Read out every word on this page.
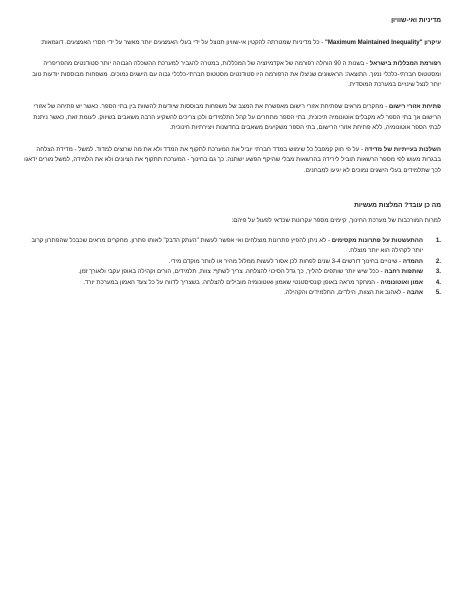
מדיניות ואי-שוויון

עיקרון "Maximum Maintained Inequality" - כל מדיניות שמטרתה להקטין אי-שוויון תנוצל על ידי בעלי האמצעים יותר מאשר על ידי חסרי האמצעים. דוגמאות:

רפורמת המכללות בישראל - בשנות ה 90 הוחלה רפורמה של אקדמיזציה של המכללות, במטרה להגביר למערכת ההשכלה הגבוהה יותר סטודנטים מהפריפריה ומסטטוס חברתי-כלכלי נמוך. התוצאה: הראשונים שניצלו את הרפורמה היו סטודנטים מסטטוס חברתי-כלכלי גבוה עם הישגים נמוכים. משפחות מבוססות יודעות טוב יותר לנצל שינויים במערכת המוסדית.

פתיחת אזורי רישום - מחקרים מראים שפתיחת אזורי רישום מאפשרת את המצב של משפחות מבוססות שיודעות להשוות בין בתי הספר. כאשר יש פתיחה של אזורי הרישום אך בתי הספר לא מקבלים אוטונומיה תיכונית, בתי הספר מתחרים על קהל התלמידים ולכן צריכים להשקיע הרבה משאבים בשיווק. לעומת זאת, כאשר ניתנת לבתי הספר אוטונומיה, ללא פתיחת אזורי הרישום, בתי הספר משקיעים משאבים בחדשנות ויצירתיות חינוכית.

השלכות בעייתיות של מדידה - על פי חוק קמפבל כל שימוש במדד חברתי יוביל את המערכת לתקוף את המדד ולא את מה שרוצים למדוד. למשל - מדידת הצלחה בבגרות מעוש לפי מספר הרשאות תוביל לירידה בהרשאות מבלי שהיקף הפשע ישתנה. כך גם בחינוך - המערכת תתקוף את הציונים ולא את הלמידה, למשל מורים ידאגו לכך שתלמידים בעלי הישגים נמוכים לא יגיעו למבחנים.

מה כן עובד? המלצות מעשיות

למרות המורכבות של מערכת החינוך, קיימים מספר עקרונות שכדאי לפעול על פיהם:

.1
ההתעשטות על פתרונות מקסימים - לא ניתן להפיץ פתרונות מוצלחים ואי אפשר לעשות "העתק הדבק" לאותו פתרון. מחקרים מראים שכבכל שהפתרון קרוב יותר לקהילה הוא יותר מוצלח.
.2
ההמדה - שינויים בחינוך דורשים 3-4 שנים לפחות לכן אסור לעשות ממלול מהיר או לוותר מוקדם מידי.
.3
שותפות רחבה - ככל שיש יותר שותפים להליך, כך גדל הסיכוי להצלחה. צריך לשתף: צוות, תלמידים, הורים וקהילה באופן עקבי ולאורך זמן.
.4
אמון ואוטונומיה - המחקר מראה באופן קונסיסטנטי שאמון ואוטונומיה מובילים להצלחה. בשצריך לדווח על כל צעד האמון במערכת יורד.
.5
אהבה - לאהוב את הצוות, הילדים, התלמידים והקהילה.
